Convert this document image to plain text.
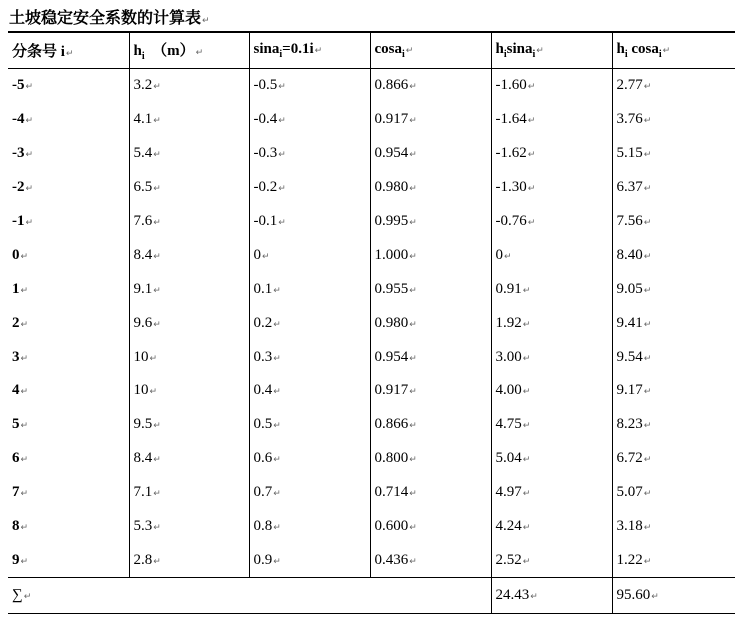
土坡稳定安全系数的计算表↵
分条号 i↵	$h_i$  （m）↵	sina$_i$=0.1i↵	cosa$_i$↵	$h_i\sin a_i↵$	$h_i$ cosa$_i$↵
-5↵	3.2↵	-0.5↵	0.866↵	-1.60↵	2.77↵
-4↵	4.1↵	-0.4↵	0.917↵	-1.64↵	3.76↵
-3↵	5.4↵	-0.3↵	0.954↵	-1.62↵	5.15↵
-2↵	6.5↵	-0.2↵	0.980↵	-1.30↵	6.37↵
-1↵	7.6↵	-0.1↵	0.995↵	-0.76↵	7.56↵
0↵	8.4↵	0↵	1.000↵	0↵	8.40↵
1↵	9.1↵	0.1↵	0.955↵	0.91↵	9.05↵
2↵	9.6↵	0.2↵	0.980↵	1.92↵	9.41↵
3↵	10↵	0.3↵	0.954↵	3.00↵	9.54↵
4↵	10↵	0.4↵	0.917↵	4.00↵	9.17↵
5↵	9.5↵	0.5↵	0.866↵	4.75↵	8.23↵
6↵	8.4↵	0.6↵	0.800↵	5.04↵	6.72↵
7↵	7.1↵	0.7↵	0.714↵	4.97↵	5.07↵
8↵	5.3↵	0.8↵	0.600↵	4.24↵	3.18↵
9↵	2.8↵	0.9↵	0.436↵	2.52↵	1.22↵
∑↵				24.43↵	95.60↵
